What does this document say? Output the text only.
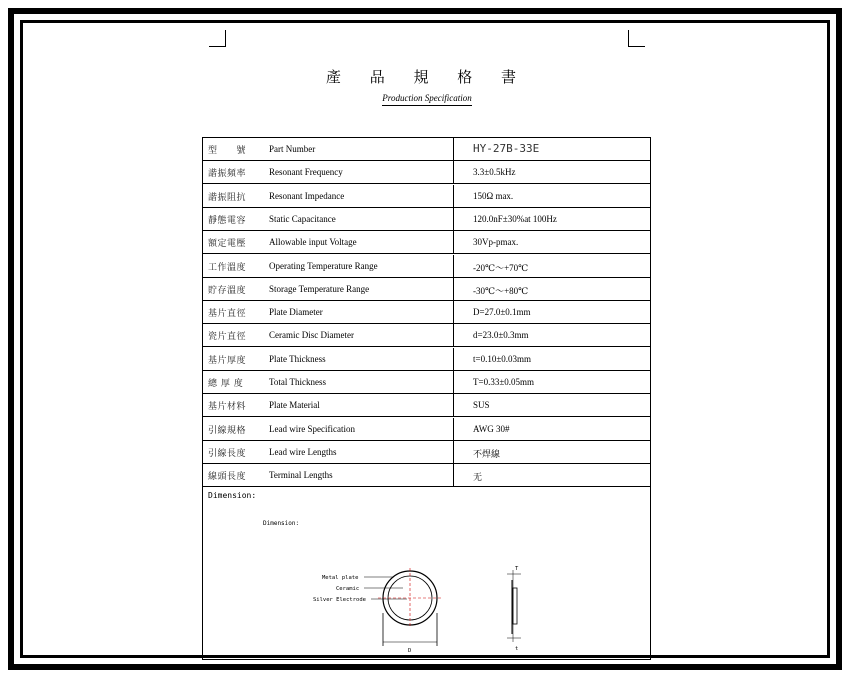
產 品 規 格 書
Production Specification
型　　號	Part Number	HY-27B-33E
諧振頻率	Resonant Frequency	3.3±0.5kHz
諧振阻抗	Resonant Impedance	150Ω max.
靜態電容	Static Capacitance	120.0nF±30%at 100Hz
額定電壓	Allowable input Voltage	30Vp-pmax.
工作溫度	Operating Temperature Range	-20℃～+70℃
貯存溫度	Storage Temperature Range	-30℃～+80℃
基片直徑	Plate Diameter	D=27.0±0.1mm
瓷片直徑	Ceramic Disc Diameter	d=23.0±0.3mm
基片厚度	Plate Thickness	t=0.10±0.03mm
總 厚 度	Total Thickness	T=0.33±0.05mm
基片材料	Plate Material	SUS
引線規格	Lead wire Specification	AWG 30#
引線長度	Lead wire Lengths	不焊線
線頭長度	Terminal Lengths	无
Dimension:
Dimension:
Metal plate
Ceramic
Silver Electrode
D
T
t
